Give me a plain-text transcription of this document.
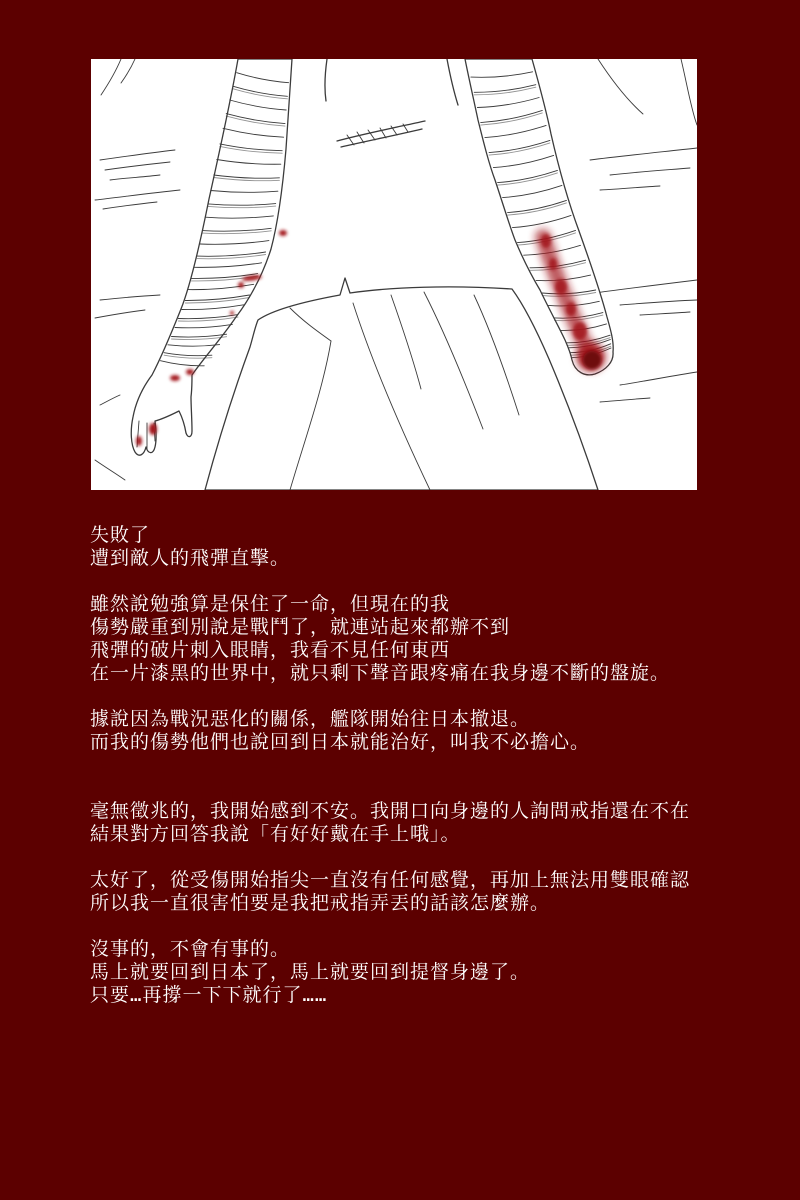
失敗了
遭到敵人的飛彈直擊。
雖然說勉強算是保住了一命，但現在的我
傷勢嚴重到別說是戰鬥了，就連站起來都辦不到
飛彈的破片刺入眼睛，我看不見任何東西
在一片漆黑的世界中，就只剩下聲音跟疼痛在我身邊不斷的盤旋。
據說因為戰況惡化的關係，艦隊開始往日本撤退。
而我的傷勢他們也說回到日本就能治好，叫我不必擔心。
毫無徵兆的，我開始感到不安。我開口向身邊的人詢問戒指還在不在
結果對方回答我說「有好好戴在手上哦」。
太好了，從受傷開始指尖一直沒有任何感覺，再加上無法用雙眼確認
所以我一直很害怕要是我把戒指弄丟的話該怎麼辦。
沒事的，不會有事的。
馬上就要回到日本了，馬上就要回到提督身邊了。
只要…再撐一下下就行了……
